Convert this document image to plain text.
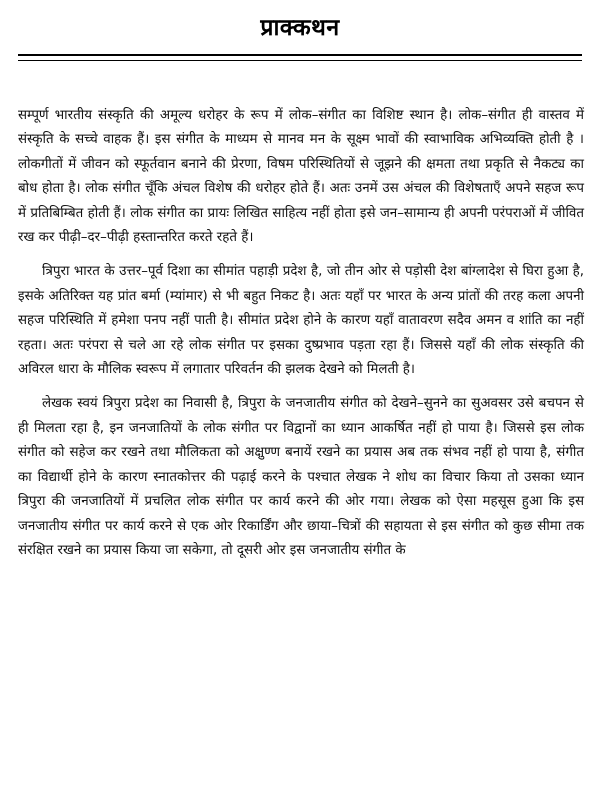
प्राक्कथन

सम्पूर्ण भारतीय संस्कृति की अमूल्य धरोहर के रूप में लोक–संगीत का विशिष्ट स्थान है। लोक–संगीत ही वास्तव में संस्कृति के सच्चे वाहक हैं। इस संगीत के माध्यम से मानव मन के सूक्ष्म भावों की स्वाभाविक अभिव्यक्ति होती है । लोकगीतों में जीवन को स्फूर्तवान बनाने की प्रेरणा, विषम परिस्थितियों से जूझने की क्षमता तथा प्रकृति से नैकट्य का बोध होता है। लोक संगीत चूँकि अंचल विशेष की धरोहर होते हैं। अतः उनमें उस अंचल की विशेषताएँ अपने सहज रूप में प्रतिबिम्बित होती हैं। लोक संगीत का प्रायः लिखित साहित्य नहीं होता इसे जन–सामान्य ही अपनी परंपराओं में जीवित रख कर पीढ़ी–दर–पीढ़ी हस्तान्तरित करते रहते हैं।

त्रिपुरा भारत के उत्तर–पूर्व दिशा का सीमांत पहाड़ी प्रदेश है, जो तीन ओर से पड़ोसी देश बांग्लादेश से घिरा हुआ है, इसके अतिरिक्त यह प्रांत बर्मा (म्यांमार) से भी बहुत निकट है। अतः यहाँ पर भारत के अन्य प्रांतों की तरह कला अपनी सहज परिस्थिति में हमेशा पनप नहीं पाती है। सीमांत प्रदेश होने के कारण यहाँ वातावरण सदैव अमन व शांति का नहीं रहता। अतः परंपरा से चले आ रहे लोक संगीत पर इसका दुष्प्रभाव पड़ता रहा हैं। जिससे यहाँ की लोक संस्कृति की अविरल धारा के मौलिक स्वरूप में लगातार परिवर्तन की झलक देखने को मिलती है।

लेखक स्वयं त्रिपुरा प्रदेश का निवासी है, त्रिपुरा के जनजातीय संगीत को देखने–सुनने का सुअवसर उसे बचपन से ही मिलता रहा है, इन जनजातियों के लोक संगीत पर विद्वानों का ध्यान आकर्षित नहीं हो पाया है। जिससे इस लोक संगीत को सहेज कर रखने तथा मौलिकता को अक्षुण्ण बनायें रखने का प्रयास अब तक संभव नहीं हो पाया है, संगीत का विद्यार्थी होने के कारण स्नातकोत्तर की पढ़ाई करने के पश्चात लेखक ने शोध का विचार किया तो उसका ध्यान त्रिपुरा की जनजातियों में प्रचलित लोक संगीत पर कार्य करने की ओर गया। लेखक को ऐसा महसूस हुआ कि इस जनजातीय संगीत पर कार्य करने से एक ओर रिकार्डिंग और छाया–चित्रों की सहायता से इस संगीत को कुछ सीमा तक संरक्षित रखने का प्रयास किया जा सकेगा, तो दूसरी ओर इस जनजातीय संगीत के
